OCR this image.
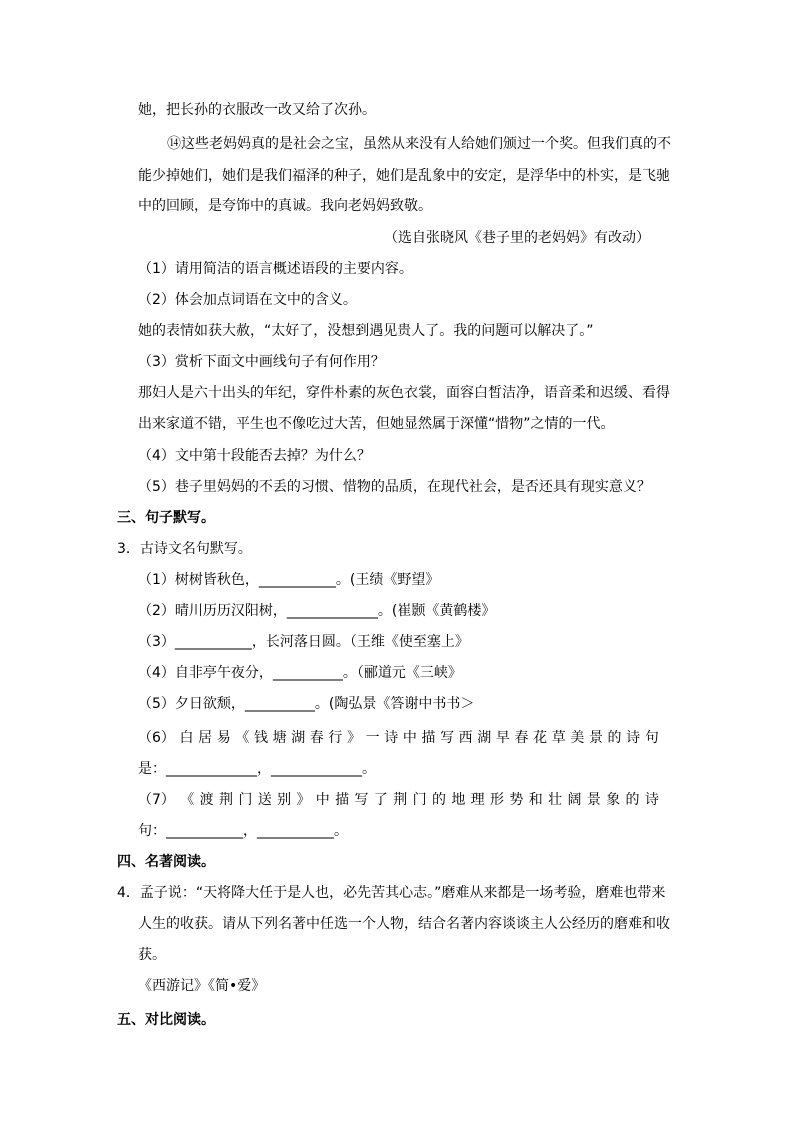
她，把长孙的衣服改一改又给了次孙。
⑭这些老妈妈真的是社会之宝，虽然从来没有人给她们颁过一个奖。但我们真的不
能少掉她们，她们是我们福泽的种子，她们是乱象中的安定，是浮华中的朴实，是飞驰
中的回顾，是夸饰中的真诚。我向老妈妈致敬。
（选自张晓风《巷子里的老妈妈》有改动）
（1）请用简洁的语言概述语段的主要内容。
（2）体会加点词语在文中的含义。
她的表情如获大赦，“太好了，没想到遇见贵人了。我的问题可以解决了。”
（3）赏析下面文中画线句子有何作用？
那妇人是六十出头的年纪，穿件朴素的灰色衣裳，面容白皙洁净，语音柔和迟缓、看得
出来家道不错，平生也不像吃过大苦，但她显然属于深懂“惜物”之情的一代。
（4）文中第十段能否去掉？为什么？
（5）巷子里妈妈的不丢的习惯、惜物的品质，在现代社会，是否还具有现实意义？
三、句子默写。
3．古诗文名句默写。
（1）树树皆秋色，___________。(王绩《野望》
（2）晴川历历汉阳树，_____________。(崔颢《黄鹤楼》
（3）___________，长河落日圆。（王维《使至塞上》
（4）自非亭午夜分，__________。（郦道元《三峡》
（5）夕日欲颓，__________。(陶弘景《答谢中书书＞
（6） 白 居 易 《 钱 塘 湖 春 行 》 一 诗 中 描 写 西 湖 早 春 花 草 美 景 的 诗 句
是：_____________，_____________。
（7） 《 渡 荆 门 送 别 》 中 描 写 了 荆 门 的 地 理 形 势 和 壮 阔 景 象 的 诗
句：___________，___________。
四、名著阅读。
4．孟子说：“天将降大任于是人也，必先苦其心志。”磨难从来都是一场考验，磨难也带来
人生的收获。请从下列名著中任选一个人物，结合名著内容谈谈主人公经历的磨难和收
获。
《西游记》《简•爱》
五、对比阅读。
